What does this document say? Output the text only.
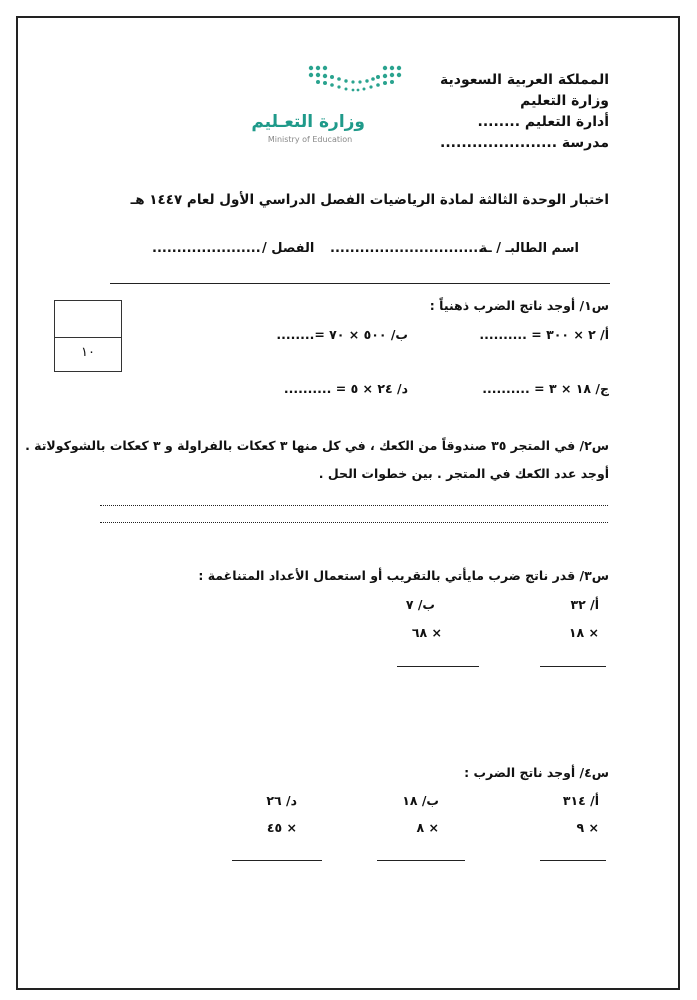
المملكة العربية السعودية
وزارة التعليم
أدارة التعليم ........
مدرسة ......................
وزارة التعـليم
Ministry of Education
اختبار الوحدة الثالثة لمادة الرياضيات الفصل الدراسي الأول لعام ١٤٤٧ هـ
اسم الطالبـ / ـة
................................
الفصل /
......................
١٠
س١/ أوجد ناتج الضرب ذهنياً :
أ/ ٢ × ٣٠٠ = ..........
ب/ ٥٠٠ × ٧٠ =........
ج/ ١٨ × ٣ = ..........
د/ ٢٤ × ٥ = ..........
س٢/ في المتجر ٣٥ صندوقاً من الكعك ، في كل منها ٣ كعكات بالفراولة و ٣ كعكات بالشوكولاتة .
أوجد عدد الكعك في المتجر . بين خطوات الحل .
س٣/ قدر ناتج ضرب مايأتي بالتقريب أو استعمال الأعداد المتناغمة :
أ/ ٣٢
× ١٨
ب/ ٧
× ٦٨
س٤/ أوجد ناتج الضرب :
أ/ ٣١٤
× ٩
ب/ ١٨
× ٨
د/ ٢٦
× ٤٥
